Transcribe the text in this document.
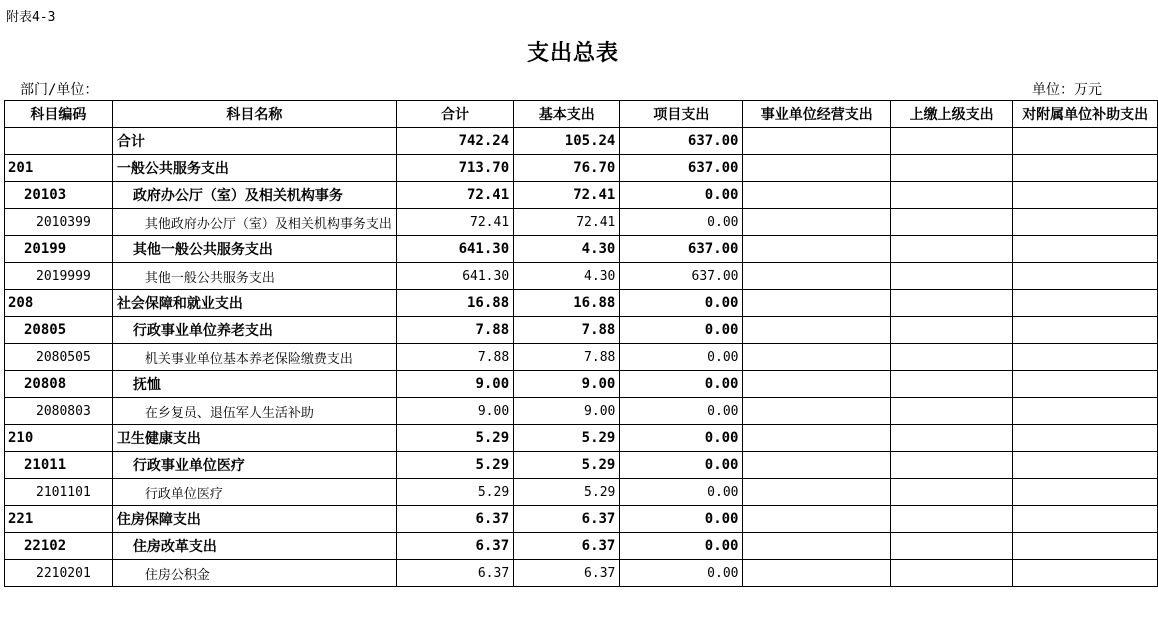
附表4-3
支出总表
部门/单位：	单位：万元
科目编码	科目名称	合计	基本支出	项目支出	事业单位经营支出	上缴上级支出	对附属单位补助支出
	合计	742.24	105.24	637.00			
201	一般公共服务支出	713.70	76.70	637.00			
20103	政府办公厅（室）及相关机构事务	72.41	72.41	0.00			
2010399	其他政府办公厅（室）及相关机构事务支出	72.41	72.41	0.00			
20199	其他一般公共服务支出	641.30	4.30	637.00			
2019999	其他一般公共服务支出	641.30	4.30	637.00			
208	社会保障和就业支出	16.88	16.88	0.00			
20805	行政事业单位养老支出	7.88	7.88	0.00			
2080505	机关事业单位基本养老保险缴费支出	7.88	7.88	0.00			
20808	抚恤	9.00	9.00	0.00			
2080803	在乡复员、退伍军人生活补助	9.00	9.00	0.00			
210	卫生健康支出	5.29	5.29	0.00			
21011	行政事业单位医疗	5.29	5.29	0.00			
2101101	行政单位医疗	5.29	5.29	0.00			
221	住房保障支出	6.37	6.37	0.00			
22102	住房改革支出	6.37	6.37	0.00			
2210201	住房公积金	6.37	6.37	0.00			
